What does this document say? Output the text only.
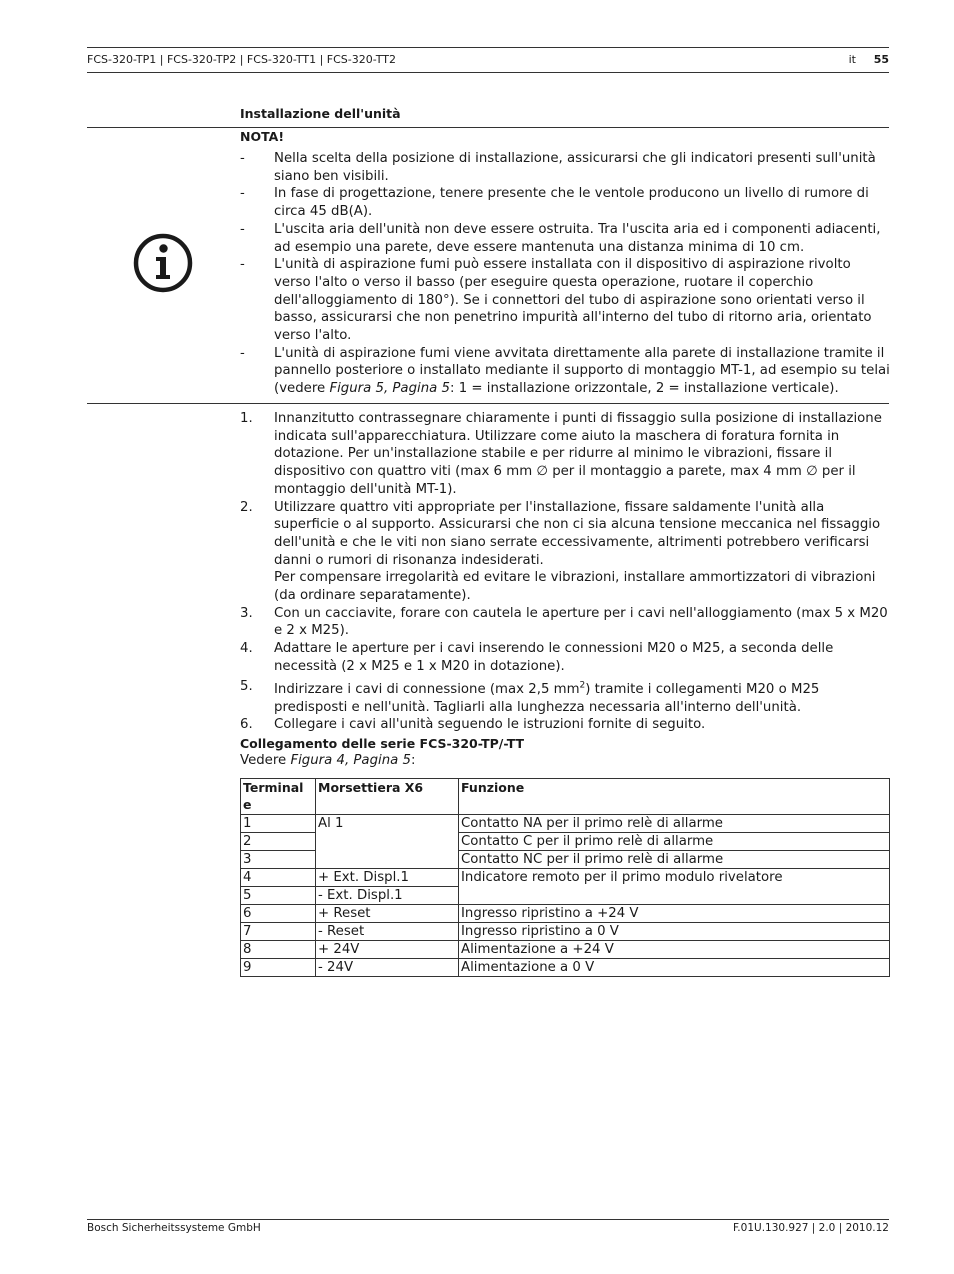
FCS-320-TP1 | FCS-320-TP2 | FCS-320-TT1 | FCS-320-TT2	it 55
Installazione dell'unità
NOTA!
- Nella scelta della posizione di installazione, assicurarsi che gli indicatori presenti sull'unità siano ben visibili.
- In fase di progettazione, tenere presente che le ventole producono un livello di rumore di circa 45 dB(A).
- L'uscita aria dell'unità non deve essere ostruita. Tra l'uscita aria ed i componenti adiacenti, ad esempio una parete, deve essere mantenuta una distanza minima di 10 cm.
- L'unità di aspirazione fumi può essere installata con il dispositivo di aspirazione rivolto verso l'alto o verso il basso (per eseguire questa operazione, ruotare il coperchio dell'alloggiamento di 180°). Se i connettori del tubo di aspirazione sono orientati verso il basso, assicurarsi che non penetrino impurità all'interno del tubo di ritorno aria, orientato verso l'alto.
- L'unità di aspirazione fumi viene avvitata direttamente alla parete di installazione tramite il pannello posteriore o installato mediante il supporto di montaggio MT-1, ad esempio su telai (vedere Figura 5, Pagina 5: 1 = installazione orizzontale, 2 = installazione verticale).
1. Innanzitutto contrassegnare chiaramente i punti di fissaggio sulla posizione di installazione indicata sull'apparecchiatura. Utilizzare come aiuto la maschera di foratura fornita in dotazione. Per un'installazione stabile e per ridurre al minimo le vibrazioni, fissare il dispositivo con quattro viti (max 6 mm ∅ per il montaggio a parete, max 4 mm ∅ per il montaggio dell'unità MT-1).
2. Utilizzare quattro viti appropriate per l'installazione, fissare saldamente l'unità alla superficie o al supporto. Assicurarsi che non ci sia alcuna tensione meccanica nel fissaggio dell'unità e che le viti non siano serrate eccessivamente, altrimenti potrebbero verificarsi danni o rumori di risonanza indesiderati.
Per compensare irregolarità ed evitare le vibrazioni, installare ammortizzatori di vibrazioni (da ordinare separatamente).
3. Con un cacciavite, forare con cautela le aperture per i cavi nell'alloggiamento (max 5 x M20 e 2 x M25).
4. Adattare le aperture per i cavi inserendo le connessioni M20 o M25, a seconda delle necessità (2 x M25 e 1 x M20 in dotazione).
5. Indirizzare i cavi di connessione (max 2,5 $mm^2$) tramite i collegamenti M20 o M25 predisposti e nell'unità. Tagliarli alla lunghezza necessaria all'interno dell'unità.
6. Collegare i cavi all'unità seguendo le istruzioni fornite di seguito.
Collegamento delle serie FCS-320-TP/-TT
Vedere Figura 4, Pagina 5:
Terminal e	Morsettiera X6	Funzione
1	Al 1	Contatto NA per il primo relè di allarme
2		Contatto C per il primo relè di allarme
3		Contatto NC per il primo relè di allarme
4	+ Ext. Displ.1	Indicatore remoto per il primo modulo rivelatore
5	- Ext. Displ.1	
6	+ Reset	Ingresso ripristino a +24 V
7	- Reset	Ingresso ripristino a 0 V
8	+ 24V	Alimentazione a +24 V
9	- 24V	Alimentazione a 0 V
Bosch Sicherheitssysteme GmbH	F.01U.130.927 | 2.0 | 2010.12
